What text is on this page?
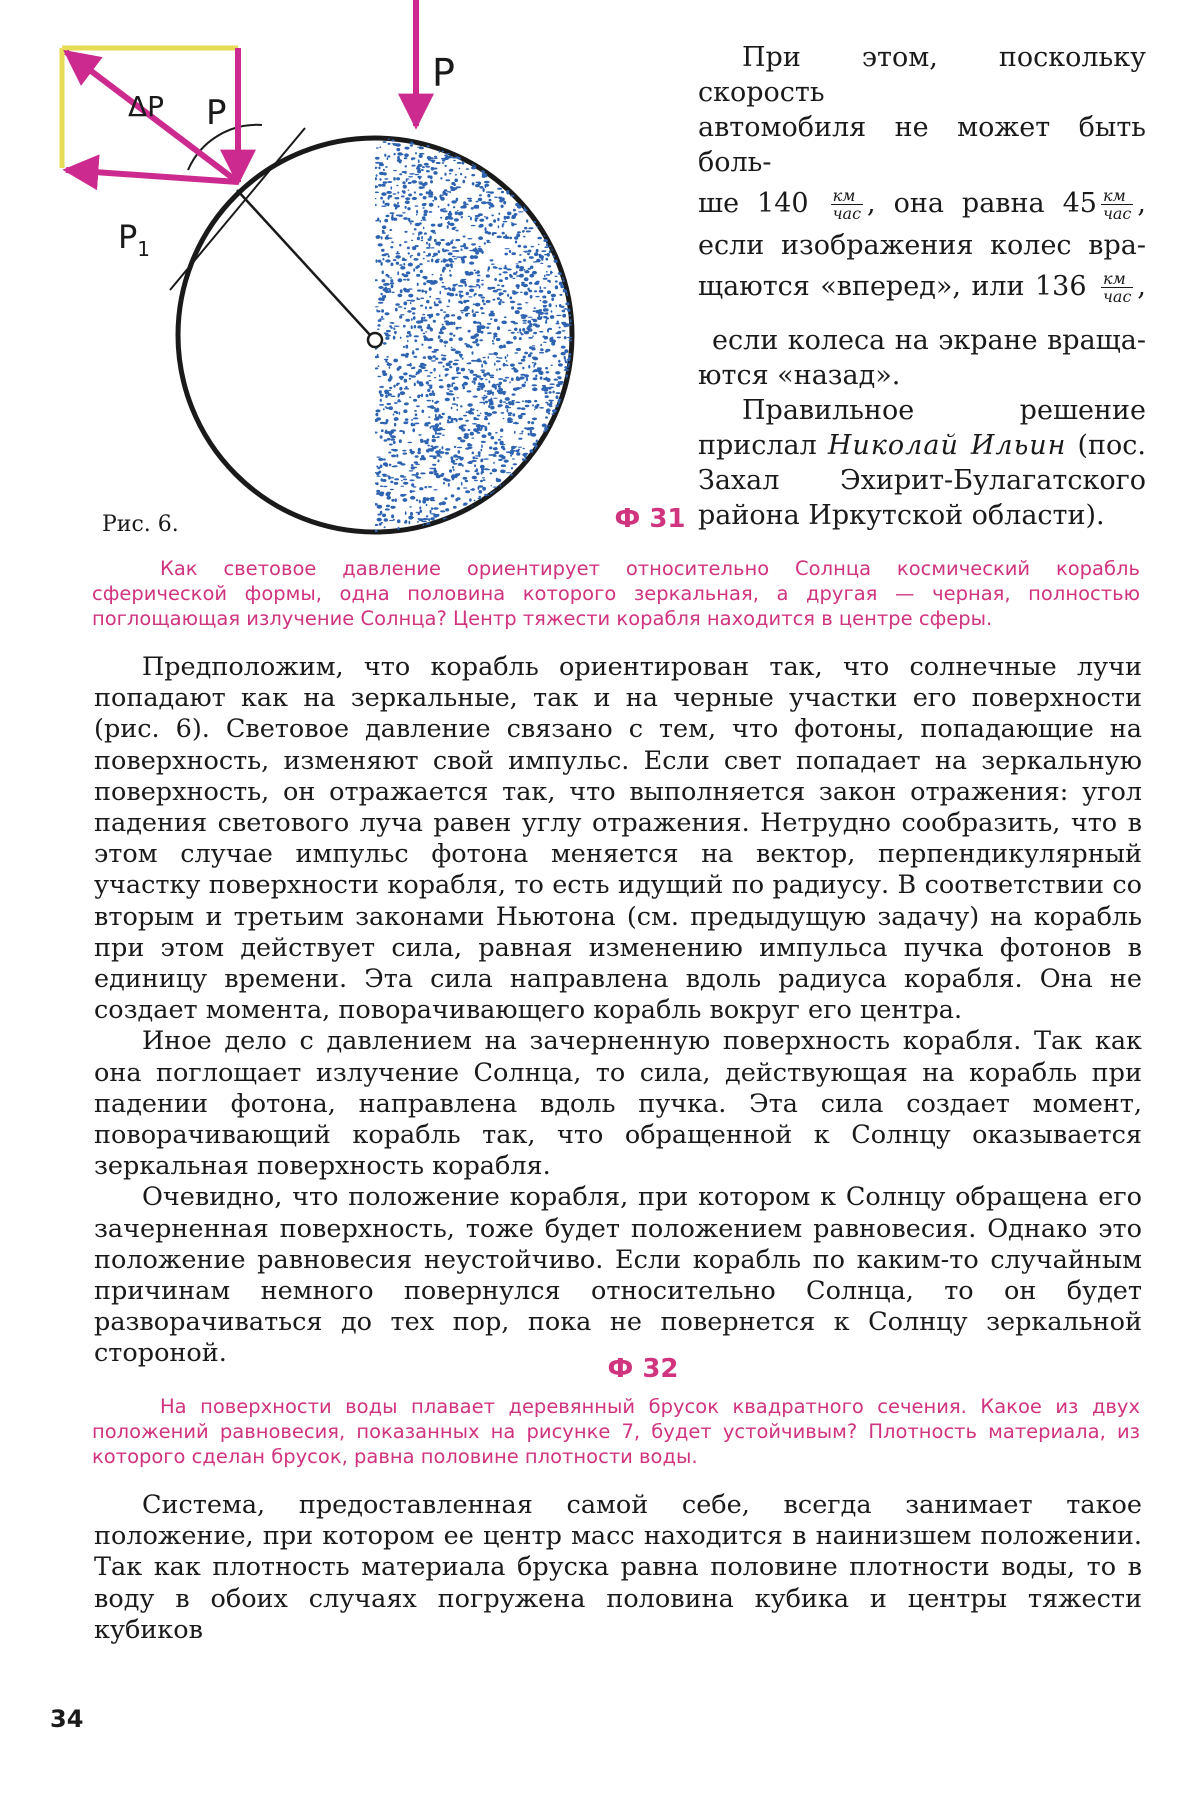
ΔP P
P
$P_1$
Рис. 6.

При этом, поскольку скорость

автомобиля не может быть боль-

ше $140 \frac{км}{\text{час}}$ , она равна $45 \frac{км}{\text{час}}$ ,

если изображения колес вра-

щаются «вперед», или $136 \frac{км}{\text{час}}$ ,

если колеса на экране враща-

ются «назад».

Правильное решение прислал Николай Ильин (пос. Захал Эхирит-Булагатского района Иркутской области).

Ф 31

Как световое давление ориентирует относительно Солнца космический корабль сферической формы, одна половина которого зеркальная, а другая — черная, полностью поглощающая излучение Солнца? Центр тяжести корабля находится в центре сферы.

Предположим, что корабль ориентирован так, что солнечные лучи попадают как на зеркальные, так и на черные участки его поверхности (рис. 6). Световое давление связано с тем, что фотоны, попадающие на поверхность, изменяют свой импульс. Если свет попадает на зеркальную поверхность, он отражается так, что выполняется закон отражения: угол падения светового луча равен углу отражения. Нетрудно сообразить, что в этом случае импульс фотона меняется на вектор, перпендикулярный участку поверхности корабля, то есть идущий по радиусу. В соответствии со вторым и третьим законами Ньютона (см. предыдущую задачу) на корабль при этом действует сила, равная изменению импульса пучка фотонов в единицу времени. Эта сила направлена вдоль радиуса корабля. Она не создает момента, поворачивающего корабль вокруг его центра.

Иное дело с давлением на зачерненную поверхность корабля. Так как она поглощает излучение Солнца, то сила, действующая на корабль при падении фотона, направлена вдоль пучка. Эта сила создает момент, поворачивающий корабль так, что обращенной к Солнцу оказывается зеркальная поверхность корабля.

Очевидно, что положение корабля, при котором к Солнцу обращена его зачерненная поверхность, тоже будет положением равновесия. Однако это положение равновесия неустойчиво. Если корабль по каким-то случайным причинам немного повернулся относительно Солнца, то он будет разворачиваться до тех пор, пока не повернется к Солнцу зеркальной стороной.

Ф 32

На поверхности воды плавает деревянный брусок квадратного сечения. Какое из двух положений равновесия, показанных на рисунке 7, будет устойчивым? Плотность материала, из которого сделан брусок, равна половине плотности воды.

Система, предоставленная самой себе, всегда занимает такое положение, при котором ее центр масс находится в наинизшем положении. Так как плотность материала бруска равна половине плотности воды, то в воду в обоих случаях погружена половина кубика и центры тяжести кубиков

34
